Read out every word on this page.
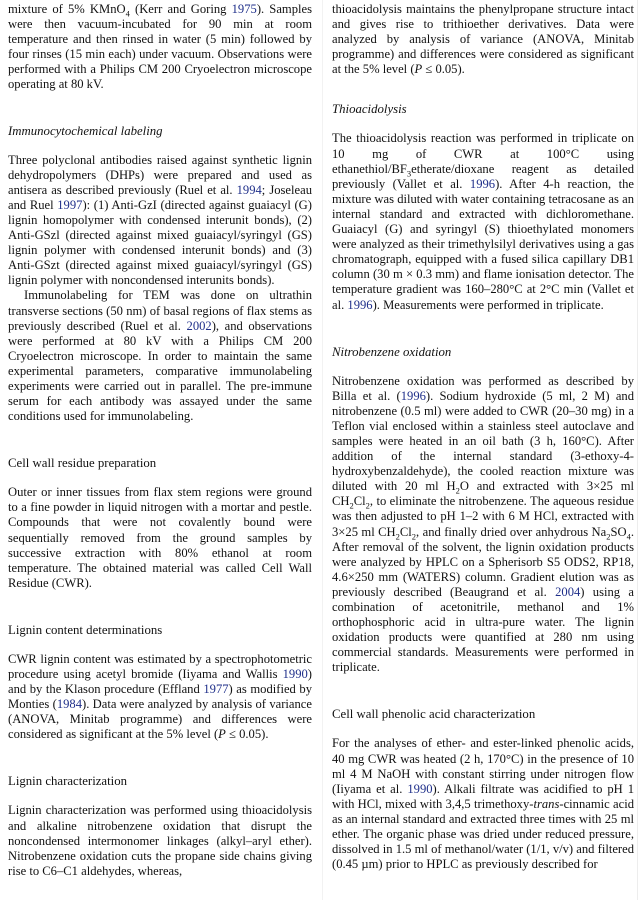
mixture of 5% KMnO$_4$ (Kerr and Goring 1975). Samples were then vacuum-incubated for 90 min at room temperature and then rinsed in water (5 min) followed by four rinses (15 min each) under vacuum. Observations were performed with a Philips CM 200 Cryoelectron microscope operating at 80 kV.

Immunocytochemical labeling

Three polyclonal antibodies raised against synthetic lignin dehydropolymers (DHPs) were prepared and used as antisera as described previously (Ruel et al. 1994; Joseleau and Ruel 1997): (1) Anti-GzI (directed against guaiacyl (G) lignin homopolymer with condensed interunit bonds), (2) Anti-GSzl (directed against mixed guaiacyl/syringyl (GS) lignin polymer with condensed interunit bonds) and (3) Anti-GSzt (directed against mixed guaiacyl/syringyl (GS) lignin polymer with noncondensed interunits bonds).

Immunolabeling for TEM was done on ultrathin transverse sections (50 nm) of basal regions of flax stems as previously described (Ruel et al. 2002), and observations were performed at 80 kV with a Philips CM 200 Cryoelectron microscope. In order to maintain the same experimental parameters, comparative immunolabeling experiments were carried out in parallel. The pre-immune serum for each antibody was assayed under the same conditions used for immunolabeling.

Cell wall residue preparation

Outer or inner tissues from flax stem regions were ground to a fine powder in liquid nitrogen with a mortar and pestle. Compounds that were not covalently bound were sequentially removed from the ground samples by successive extraction with 80% ethanol at room temperature. The obtained material was called Cell Wall Residue (CWR).

Lignin content determinations

CWR lignin content was estimated by a spectrophotometric procedure using acetyl bromide (Iiyama and Wallis 1990) and by the Klason procedure (Effland 1977) as modified by Monties (1984). Data were analyzed by analysis of variance (ANOVA, Minitab programme) and differences were considered as significant at the 5% level (P ≤ 0.05).

Lignin characterization

Lignin characterization was performed using thioacidolysis and alkaline nitrobenzene oxidation that disrupt the noncondensed intermonomer linkages (alkyl–aryl ether). Nitrobenzene oxidation cuts the propane side chains giving rise to C6–C1 aldehydes, whereas,

thioacidolysis maintains the phenylpropane structure intact and gives rise to trithioether derivatives. Data were analyzed by analysis of variance (ANOVA, Minitab programme) and differences were considered as significant at the 5% level (P ≤ 0.05).

Thioacidolysis

The thioacidolysis reaction was performed in triplicate on 10 mg of CWR at 100°C using ethanethiol/$BF_3etherate$/dioxane reagent as detailed previously (Vallet et al. 1996). After 4-h reaction, the mixture was diluted with water containing tetracosane as an internal standard and extracted with dichloromethane. Guaiacyl (G) and syringyl (S) thioethylated monomers were analyzed as their trimethylsilyl derivatives using a gas chromatograph, equipped with a fused silica capillary DB1 column (30 m × 0.3 mm) and flame ionisation detector. The temperature gradient was 160–280°C at 2°C min (Vallet et al. 1996). Measurements were performed in triplicate.

Nitrobenzene oxidation

Nitrobenzene oxidation was performed as described by Billa et al. (1996). Sodium hydroxide (5 ml, 2 M) and nitrobenzene (0.5 ml) were added to CWR (20–30 mg) in a Teflon vial enclosed within a stainless steel autoclave and samples were heated in an oil bath (3 h, 160°C). After addition of the internal standard (3-ethoxy-4-hydroxybenzaldehyde), the cooled reaction mixture was diluted with 20 ml $H_2O$ and extracted with 3×25 ml $CH_2Cl_2$, to eliminate the nitrobenzene. The aqueous residue was then adjusted to pH 1–2 with 6 M HCl, extracted with 3×25 ml $CH_2Cl_2$, and finally dried over anhydrous $Na_2SO_4$. After removal of the solvent, the lignin oxidation products were analyzed by HPLC on a Spherisorb S5 ODS2, RP18, 4.6×250 mm (WATERS) column. Gradient elution was as previously described (Beaugrand et al. 2004) using a combination of acetonitrile, methanol and 1% orthophosphoric acid in ultra-pure water. The lignin oxidation products were quantified at 280 nm using commercial standards. Measurements were performed in triplicate.

Cell wall phenolic acid characterization

For the analyses of ether- and ester-linked phenolic acids, 40 mg CWR was heated (2 h, 170°C) in the presence of 10 ml 4 M NaOH with constant stirring under nitrogen flow (Iiyama et al. 1990). Alkali filtrate was acidified to pH 1 with HCl, mixed with 3,4,5 trimethoxy-trans-cinnamic acid as an internal standard and extracted three times with 25 ml ether. The organic phase was dried under reduced pressure, dissolved in 1.5 ml of methanol/water (1/1, v/v) and filtered (0.45 µm) prior to HPLC as previously described for
